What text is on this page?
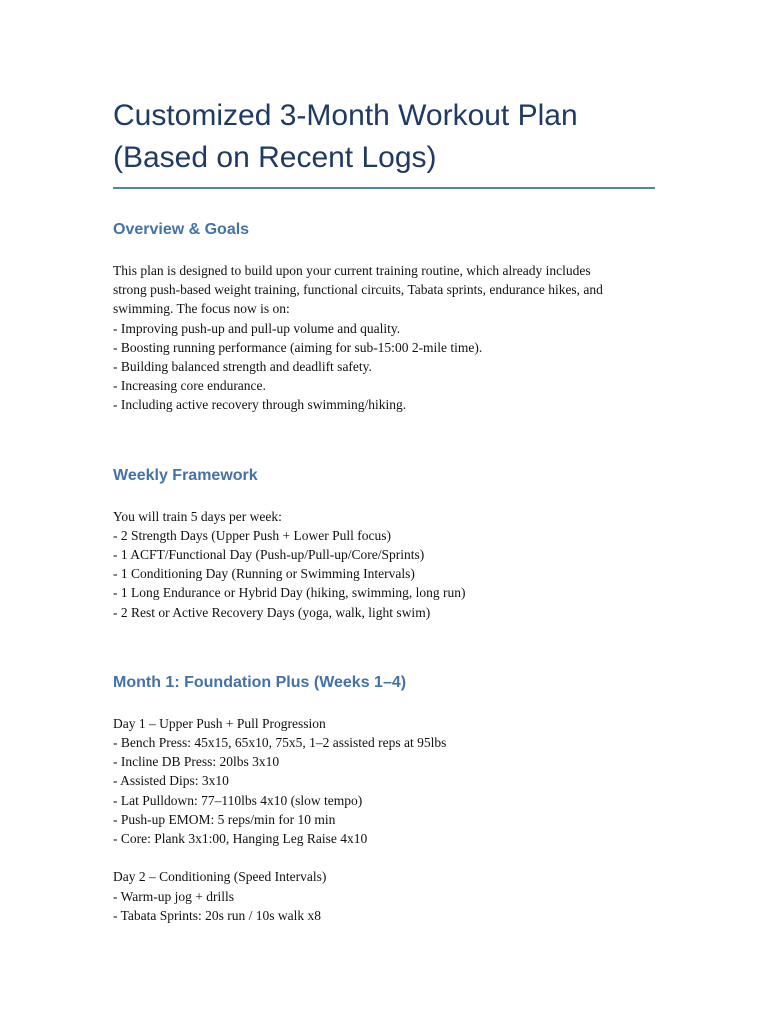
Customized 3-Month Workout Plan
(Based on Recent Logs)
Overview & Goals
This plan is designed to build upon your current training routine, which already includes
strong push-based weight training, functional circuits, Tabata sprints, endurance hikes, and
swimming. The focus now is on:
- Improving push-up and pull-up volume and quality.
- Boosting running performance (aiming for sub-15:00 2-mile time).
- Building balanced strength and deadlift safety.
- Increasing core endurance.
- Including active recovery through swimming/hiking.
Weekly Framework
You will train 5 days per week:
- 2 Strength Days (Upper Push + Lower Pull focus)
- 1 ACFT/Functional Day (Push-up/Pull-up/Core/Sprints)
- 1 Conditioning Day (Running or Swimming Intervals)
- 1 Long Endurance or Hybrid Day (hiking, swimming, long run)
- 2 Rest or Active Recovery Days (yoga, walk, light swim)
Month 1: Foundation Plus (Weeks 1–4)
Day 1 – Upper Push + Pull Progression
- Bench Press: 45x15, 65x10, 75x5, 1–2 assisted reps at 95lbs
- Incline DB Press: 20lbs 3x10
- Assisted Dips: 3x10
- Lat Pulldown: 77–110lbs 4x10 (slow tempo)
- Push-up EMOM: 5 reps/min for 10 min
- Core: Plank 3x1:00, Hanging Leg Raise 4x10
Day 2 – Conditioning (Speed Intervals)
- Warm-up jog + drills
- Tabata Sprints: 20s run / 10s walk x8
